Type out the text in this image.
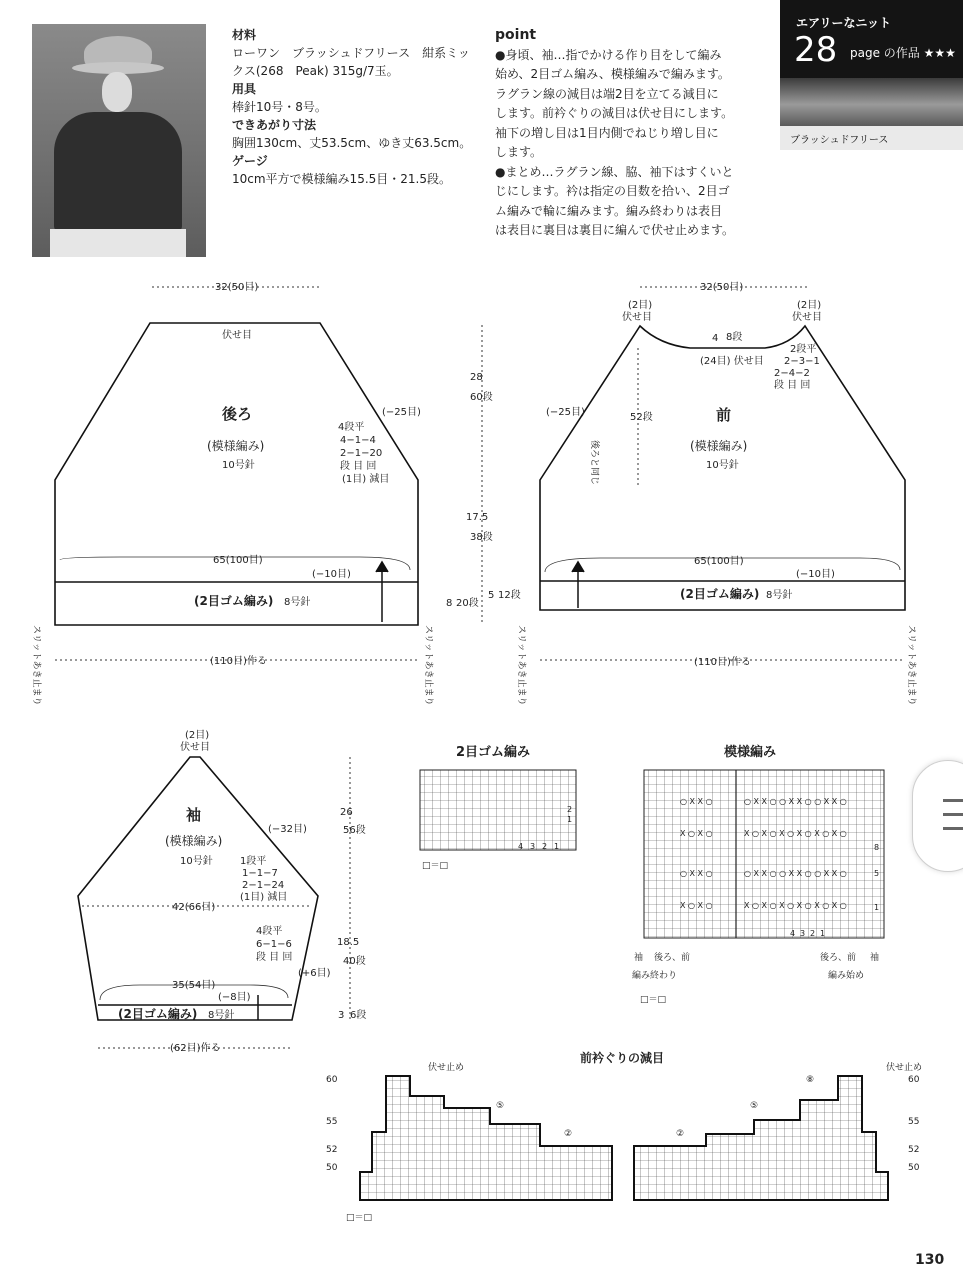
材料
ローワン　ブラッシュドフリース　紺系ミッ
クス(268　Peak) 315g/7玉。
用具
棒針10号・8号。
できあがり寸法
胸囲130cm、丈53.5cm、ゆき丈63.5cm。
ゲージ
10cm平方で模様編み15.5目・21.5段。
point
●身頃、袖…指でかける作り目をして編み
始め、2目ゴム編み、模様編みで編みます。
ラグラン線の減目は端2目を立てる減目に
します。前衿ぐりの減目は伏せ目にします。
袖下の増し目は1目内側でねじり増し目に
します。
●まとめ…ラグラン線、脇、袖下はすくいと
じにします。衿は指定の目数を拾い、2目ゴ
ム編みで輪に編みます。編み終わりは表目
は表目に裏目は裏目に編んで伏せ止めます。
エアリーなニット
28 page の作品 ★★★
ブラッシュドフリース
32(50目)
伏せ目
後ろ
(模様編み)
10号針
(−25目)
4段平
4−1−4
2−1−20
段 目 回
(1目) 減目
65(100目)
(−10目)
(2目ゴム編み) 8号針
(110目)作る
スリットあき止まり	スリットあき止まり
28
60段
17.5
38段
8 20段
5 12段
32(50目)
(2目)
伏せ目
(2目)
伏せ目
4 8段
(24目) 伏せ目
2段平
2−3−1
2−4−2
段 目 回
52段
(−25目)
後ろと同じ
前
(模様編み)
10号針
65(100目)
(−10目)
(2目ゴム編み) 8号針
(110目)作る
スリットあき止まり	スリットあき止まり
(2目)
伏せ目
袖
(模様編み)
10号針
(−32目)
1段平
1−1−7
2−1−24
(1目) 減目
42(66目)
4段平
6−1−6
段 目 回
(+6目)
35(54目)
(−8目)
(2目ゴム編み) 8号針
(62目)作る
26
56段
18.5
40段
3 6段
2目ゴム編み
4 3 2 1
2
1
□＝□
模様編み
○ Ⅹ Ⅹ ○	○ Ⅹ Ⅹ ○ ○ Ⅹ Ⅹ ○ ○ Ⅹ Ⅹ ○
Ⅹ ○ Ⅹ ○	Ⅹ ○ Ⅹ ○ Ⅹ ○ Ⅹ ○ Ⅹ ○ Ⅹ ○
○ Ⅹ Ⅹ ○	○ Ⅹ Ⅹ ○ ○ Ⅹ Ⅹ ○ ○ Ⅹ Ⅹ ○
Ⅹ ○ Ⅹ ○	Ⅹ ○ Ⅹ ○ Ⅹ ○ Ⅹ ○ Ⅹ ○ Ⅹ ○
4 3 2 1
8
5
1
袖 後ろ、前
編み終わり
後ろ、前 袖
編み始め
□＝□
前衿ぐりの減目
伏せ止め	伏せ止め
⑤
②	②
⑤
⑧
60
55
52
50
60
55
52
50
□＝□
130
